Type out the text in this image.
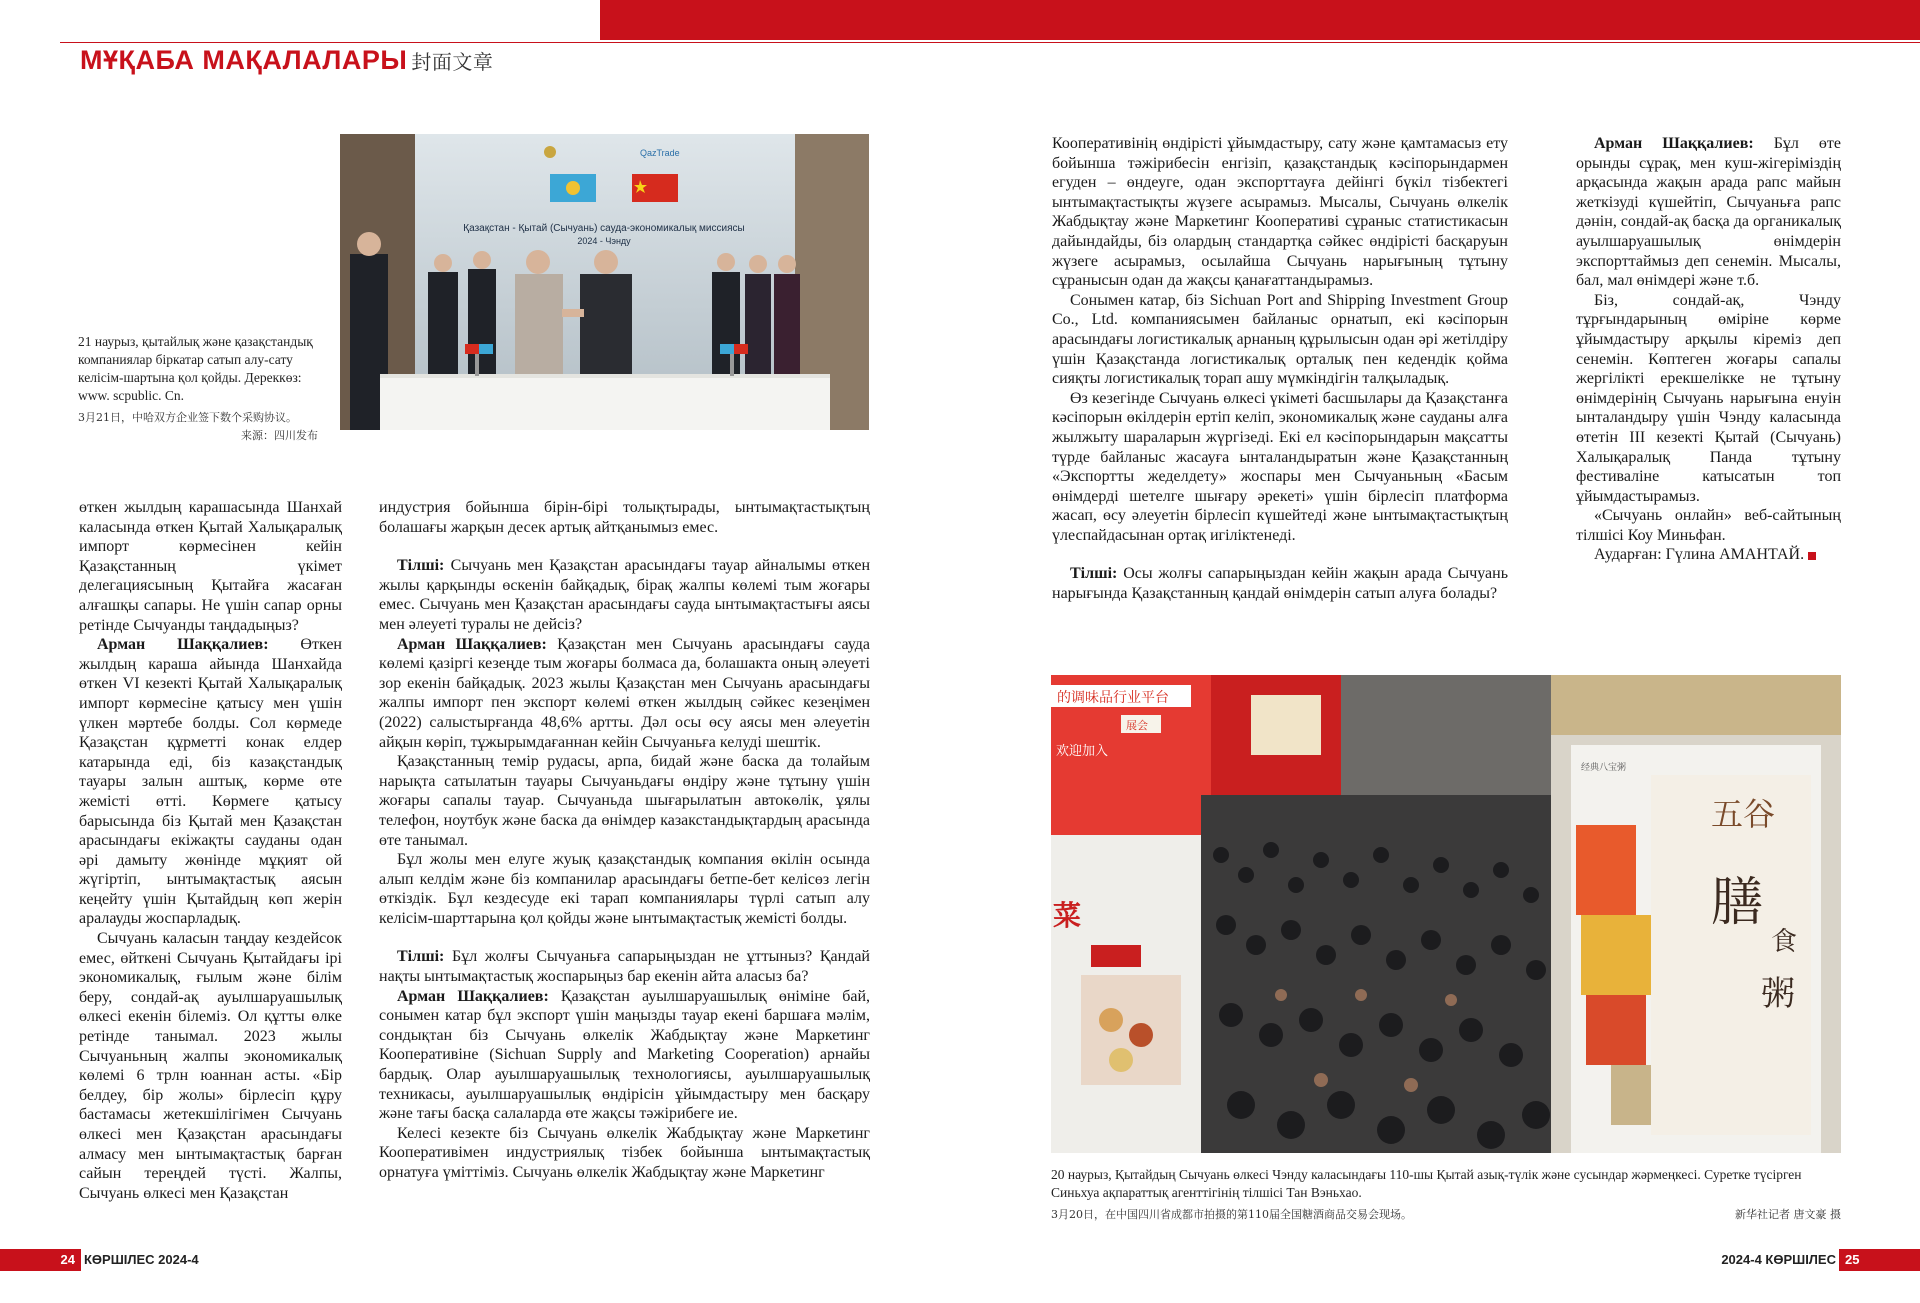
МҰҚАБА МАҚАЛАЛАРЫ 封面文章
QazTrade
Қазақстан - Қытай (Сычуань) сауда-экономикалық миссиясы
2024 - Чэнду
21 наурыз, қытайлық және қазақстандық компаниялар біркатар сатып алу-сату келісім-шартына қол қойды. Дереккөз: www. scpublic. Cn.
3月21日，中哈双方企业签下数个采购协议。
来源：四川发布

өткен жылдың карашасында Шанхай каласында өткен Қытай Халықаралық импорт көрмесінен кейін Қазақстанның үкімет делегациясының Қытайға жасаған алғашқы сапары. Не үшін сапар орны ретінде Сычуанды таңдадыңыз?

Арман Шаққалиев: Өткен жылдың караша айында Шанхайда өткен VI кезекті Қытай Халықаралық импорт көрмесіне қатысу мен үшін үлкен мәртебе болды. Сол көрмеде Қазақстан құрметті конак елдер катарында еді, біз казақстандық тауары залын аштық, көрме өте жемісті өтті. Көрмеге қатысу барысында біз Қытай мен Қазақстан арасындағы екіжақты сауданы одан әрі дамыту жөнінде мұқият ой жүгіртіп, ынтымақтастық аясын кеңейту үшін Қытайдың көп жерін аралауды жоспарладық.

Сычуань каласын таңдау кездейсок емес, өйткені Сычуань Қытайдағы ірі экономикалық, ғылым және білім беру, сондай-ақ ауылшаруашылық өлкесі екенін білеміз. Ол құтты өлке ретінде танымал. 2023 жылы Сычуаньның жалпы экономикалық көлемі 6 трлн юаннан асты. «Бір белдеу, бір жолы» бірлесіп құру бастамасы жетекшілігімен Сычуань өлкесі мен Қазақстан арасындағы алмасу мен ынтымақтастық барған сайын тереңдей түсті. Жалпы, Сычуань өлкесі мен Қазақстан

индустрия бойынша бірін-бірі толықтырады, ынтымақтастықтың болашағы жарқын десек артық айтқанымыз емес.

Тілші: Сычуань мен Қазақстан арасындағы тауар айналымы өткен жылы қарқынды өскенін байқадық, бірақ жалпы көлемі тым жоғары емес. Сычуань мен Қазақстан арасындағы сауда ынтымақтастығы аясы мен әлеуеті туралы не дейсіз?

Арман Шаққалиев: Қазақстан мен Сычуань арасындағы сауда көлемі қазіргі кезеңде тым жоғары болмаса да, болашакта оның әлеуеті зор екенін байқадық. 2023 жылы Қазақстан мен Сычуань арасындағы жалпы импорт пен экспорт көлемі өткен жылдың сәйкес кезеңімен (2022) салыстырғанда 48,6% артты. Дәл осы өсу аясы мен әлеуетін айқын көріп, тұжырымдағаннан кейін Сычуаньға келуді шештік.

Қазақстанның темір рудасы, арпа, бидай және баска да толайым нарықта сатылатын тауары Сычуаньдағы өндіру және тұтыну үшін жоғары сапалы тауар. Сычуаньда шығарылатын автокөлік, ұялы телефон, ноутбук және баска да өнімдер казакстандықтардың арасында өте танымал.

Бұл жолы мен елуге жуық қазақстандық компания өкілін осында алып келдім және біз компанилар арасындағы бетпе-бет келісөз легін өткіздік. Бұл кездесуде екі тарап компаниялары түрлі сатып алу келісім-шарттарына қол қойды және ынтымақтастық жемісті болды.

Тілші: Бұл жолғы Сычуаньға сапарыңыздан не ұттыныз? Қандай нақты ынтымақтастық жоспарыңыз бар екенін айта аласыз ба?

Арман Шаққалиев: Қазақстан ауылшаруашылық өніміне бай, сонымен катар бұл экспорт үшін маңызды тауар екені баршаға мәлім, сондықтан біз Сычуань өлкелік Жабдықтау және Маркетинг Кооперативіне (Sichuan Supply and Marketing Cooperation) арнайы бардық. Олар ауылшаруашылық технологиясы, ауылшаруашылық техникасы, ауылшаруашылық өндірісін ұйымдастыру мен басқару және тағы басқа салаларда өте жақсы тәжірибеге ие.

Келесі кезекте біз Сычуань өлкелік Жабдықтау және Маркетинг Кооперативімен индустриялық тізбек бойынша ынтымақтастық орнатуға үміттіміз. Сычуань өлкелік Жабдықтау және Маркетинг

Кооперативінің өндірісті ұйымдастыру, сату және қамтамасыз ету бойынша тәжірибесін енгізіп, қазақстандық кәсіпорындармен егуден – өндеуге, одан экспорттауға дейінгі бүкіл тізбектегі ынтымақтастықты жүзеге асырамыз. Мысалы, Сычуань өлкелік Жабдықтау және Маркетинг Кооперативі сұраныс статистикасын дайындайды, біз олардың стандартқа сәйкес өндірісті басқаруын жүзеге асырамыз, осылайша Сычуань нарығының тұтыну сұранысын одан да жақсы қанағаттандырамыз.

Сонымен катар, біз Sichuan Port and Shipping Investment Group Co., Ltd. компаниясымен байланыс орнатып, екі кәсіпорын арасындағы логистикалық арнаның құрылысын одан әрі жетілдіру үшін Қазақстанда логистикалық орталық пен кедендік қойма сияқты логистикалық торап ашу мүмкіндігін талқыладық.

Өз кезегінде Сычуань өлкесі үкіметі басшылары да Қазақстанға кәсіпорын өкілдерін ертіп келіп, экономикалық және сауданы алға жылжыту шараларын жүргізеді. Екі ел кәсіпорындарын мақсатты түрде байланыс жасауға ынталандыратын және Қазақстанның «Экспортты жеделдету» жоспары мен Сычуаньның «Басым өнімдерді шетелге шығару әрекеті» үшін бірлесіп платформа жасап, өсу әлеуетін бірлесіп күшейтеді және ынтымақтастықтың үлеспайдасынан ортақ игіліктенеді.

Тілші: Осы жолғы сапарыңыздан кейін жақын арада Сычуань нарығында Қазақстанның қандай өнімдерін сатып алуға болады?

Арман Шаққалиев: Бұл өте орынды сұрақ, мен куш-жігеріміздің арқасында жақын арада рапс майын жеткізуді күшейтіп, Сычуаньға рапс дәнін, сондай-ақ басқа да органикалық ауылшаруашылық өнімдерін экспорттаймыз деп сенемін. Мысалы, бал, мал өнімдері және т.б.

Біз, сондай-ақ, Чэнду тұрғындарының өміріне көрме ұйымдастыру арқылы кіреміз деп сенемін. Көптеген жоғары сапалы жергілікті ерекшелікке не тұтыну өнімдерінің Сычуань нарығына енуін ынталандыру үшін Чэнду каласында өтетін III кезекті Қытай (Сычуань) Халықаралық Панда тұтыну фестиваліне катысатын топ ұйымдастырамыз.

«Сычуань онлайн» веб-сайтының тілшісі Коу Миньфан.

Аударған: Гүлина АМАНТАЙ.

的调味品行业平台
展会
欢迎加入
菜
五谷
膳
食
粥
经典八宝粥
20 наурыз, Қытайдың Сычуань өлкесі Чэнду каласындағы 110-шы Қытай азық-түлік және сусындар жәрмеңкесі. Суретке түсірген Синьхуа ақпараттық агенттігінің тілшісі Тан Вэньхао.
3月20日，在中国四川省成都市拍摄的第110届全国糖酒商品交易会现场。	新华社记者 唐文豪 摄
24 КӨРШІЛЕС 2024-4	2024-4 КӨРШІЛЕС 25
